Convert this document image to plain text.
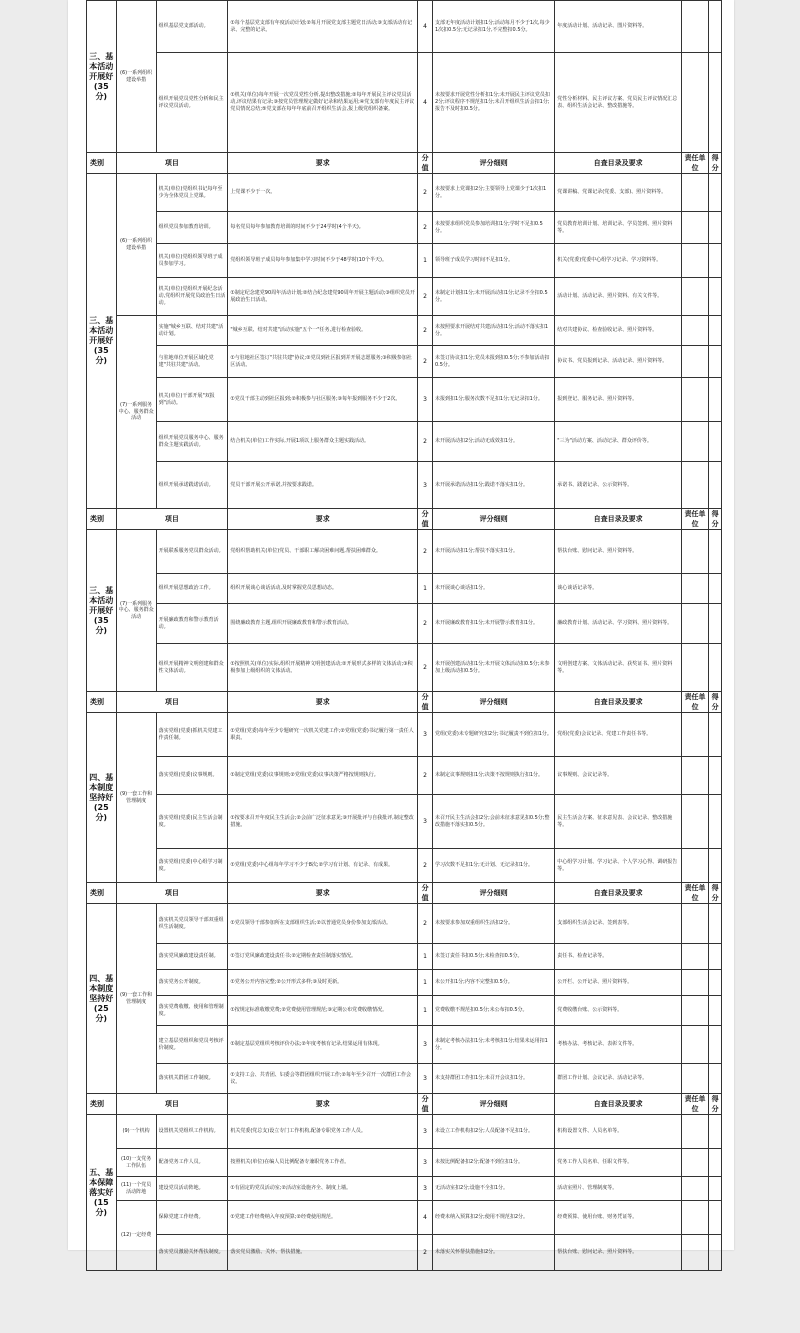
三、基本活动开展好(35分)	(6)一系列组织建设举措	组织基层党支部活动。	①每个基层党支部有年度活动计划;②每月开展党支部主题党日活动;③支部活动有记录、完整的记录。	4	支部无年度活动计划扣1分;活动每月不少于1次,每少1次扣0.5分;无记录扣1分,不完整扣0.5分。	年度活动计划、活动记录、图片资料等。		
		组织开展党员党性分析和民主评议党员活动。	①机关(单位)每年开展一次党员党性分析,提出整改措施;②每年开展民主评议党员活动,评议结果有记录;③按党员管理规定做好记录和结果运用;④党支部有年度民主评议党员情况总结;⑤党支部在每年年底前召开组织生活会,报上级党组织备案。	4	未按要求开展党性分析扣1分;未开展民主评议党员扣2分;评议程序不规范扣1分;未召开组织生活会扣1分;报告不及时扣0.5分。	党性分析材料、民主评议方案、党员民主评议情况汇总表、组织生活会记录、整改措施等。		
类别	项目		要求	分值	评分细则	自查目录及要求	责任单位	得分
三、基本活动开展好(35分)	(6)一系列组织建设举措	机关(单位)党组织书记每年至少为全体党员上党课。	上党课不少于一次。	2	未按要求上党课扣2分;主要领导上党课少于1次扣1分。	党课讲稿、党课记录(党委、支部)、照片资料等。		
		组织党员参加教育培训。	每名党员每年参加教育培训的时间不少于24学时(4个半天)。	2	未按要求组织党员参加培训扣1分;学时不足扣0.5分。	党员教育培训计划、培训记录、学员签到、照片资料等。		
		机关(单位)党组织领导班子成员参加学习。	党组织领导班子成员每年参加集中学习时间不少于48学时(10个半天)。	1	领导班子成员学习时间不足扣1分。	机关(党委)党委中心组学习记录、学习资料等。		
		机关(单位)党组织开展纪念活动,党组织开展党员政治生日活动。	①制定纪念建党90周年活动计划;②结合纪念建党90周年开展主题活动;③组织党员开展政治生日活动。	2	未制定计划扣1分;未开展活动扣1分;记录不全扣0.5分。	活动计划、活动记录、照片资料、有关文件等。		
	(7)一系列服务中心、服务群众活动	实施"城乡互联、结对共建"活动计划。	"城乡互联、结对共建"活动实施"五个一"任务,进行检查验收。	2	未按照要求开展结对共建活动扣1分;活动不落实扣1分。	结对共建协议、检查验收记录、照片资料等。		
		与驻地单位开展区域化党建"共驻共建"活动。	①与驻地社区签订"共驻共建"协议;②党员到社区报到并开展志愿服务;③积极参加社区活动。	2	未签订协议扣1分;党员未报到扣0.5分;不参加活动扣0.5分。	协议书、党员报到记录、活动记录、照片资料等。		
		机关(单位)干部开展"双报到"活动。	①党员干部主动到社区报到;②积极参与社区服务;③每年报到服务不少于2次。	3	未报到扣1分;服务次数不足扣1分;无记录扣1分。	报到登记、服务记录、照片资料等。		
		组织开展党员服务中心、服务群众主题实践活动。	结合机关(单位)工作实际,开展1项以上服务群众主题实践活动。	2	未开展活动扣2分;活动无成效扣1分。	"三为"活动方案、活动记录、群众评价等。		
		组织开展承诺践诺活动。	党员干部开展公开承诺,并按要求践诺。	3	未开展承诺活动扣1分;践诺不落实扣1分。	承诺书、践诺记录、公示资料等。		
类别	项目		要求	分值	评分细则	自查目录及要求	责任单位	得分
三、基本活动开展好(35分)	(7)一系列服务中心、服务群众活动	开展联系服务党员群众活动。	党组织帮助机关(单位)党员、干部职工解决困难问题,帮扶困难群众。	2	未开展活动扣1分;帮扶不落实扣1分。	帮扶台账、慰问记录、照片资料等。		
		组织开展思想政治工作。	组织开展谈心谈话活动,及时掌握党员思想动态。	1	未开展谈心谈话扣1分。	谈心谈话记录等。		
		开展廉政教育和警示教育活动。	围绕廉政教育主题,组织开展廉政教育和警示教育活动。	2	未开展廉政教育扣1分;未开展警示教育扣1分。	廉政教育计划、活动记录、学习资料、照片资料等。		
		组织开展精神文明创建和群众性文体活动。	①按照机关(单位)实际,组织开展精神文明创建活动;②开展形式多样的文体活动;③积极参加上级组织的文体活动。	2	未开展创建活动扣1分;未开展文体活动扣0.5分;未参加上级活动扣0.5分。	文明创建方案、文体活动记录、获奖证书、照片资料等。		
类别	项目		要求	分值	评分细则	自查目录及要求	责任单位	得分
四、基本制度坚持好(25分)	(9)一套工作和管理制度	落实党组(党委)抓机关党建工作责任制。	①党组(党委)每年至少专题研究一次机关党建工作;②党组(党委)书记履行第一责任人职责。	3	党组(党委)未专题研究扣2分;书记履责不到位扣1分。	党组(党委)会议记录、党建工作责任书等。		
		落实党组(党委)议事规则。	①制定党组(党委)议事规则;②党组(党委)议事决策严格按规则执行。	2	未制定议事规则扣1分;决策不按规则执行扣1分。	议事规则、会议记录等。		
		落实党组(党委)民主生活会制度。	①按要求召开年度民主生活会;②会前广泛征求意见;③开展批评与自我批评,制定整改措施。	3	未召开民主生活会扣2分;会前未征求意见扣0.5分;整改措施不落实扣0.5分。	民主生活会方案、征求意见表、会议记录、整改措施等。		
		落实党组(党委)中心组学习制度。	①党组(党委)中心组每年学习不少于8次;②学习有计划、有记录、有成果。	2	学习次数不足扣1分;无计划、无记录扣1分。	中心组学习计划、学习记录、个人学习心得、调研报告等。		
类别	项目		要求	分值	评分细则	自查目录及要求	责任单位	得分
四、基本制度坚持好(25分)	(9)一套工作和管理制度	落实机关党员领导干部双重组织生活制度。	①党员领导干部参加所在支部组织生活;②以普通党员身份参加支部活动。	2	未按要求参加双重组织生活扣2分。	支部组织生活会记录、签到表等。		
		落实党风廉政建设责任制。	①签订党风廉政建设责任书;②定期检查责任制落实情况。	1	未签订责任书扣0.5分;未检查扣0.5分。	责任书、检查记录等。		
		落实党务公开制度。	①党务公开内容完整;②公开形式多样;③及时更新。	1	未公开扣1分;内容不完整扣0.5分。	公开栏、公开记录、照片资料等。		
		落实党费收缴、使用和管理制度。	①按规定标准收缴党费;②党费使用管理规范;③定期公布党费收缴情况。	1	党费收缴不规范扣0.5分;未公布扣0.5分。	党费收缴台账、公示资料等。		
		建立基层党组织和党员考核评价制度。	①制定基层党组织考核评价办法;②年度考核有记录,结果运用有体现。	3	未制定考核办法扣1分;未考核扣1分;结果未运用扣1分。	考核办法、考核记录、表彰文件等。		
		落实机关群团工作制度。	①支持工会、共青团、妇委会等群团组织开展工作;②每年至少召开一次群团工作会议。	3	未支持群团工作扣1分;未召开会议扣1分。	群团工作计划、会议记录、活动记录等。		
类别	项目		要求	分值	评分细则	自查目录及要求	责任单位	得分
五、基本保障落实好(15分)	(9)一个机构	设置机关党组织工作机构。	机关党委(党总支)设立专门工作机构,配备专职党务工作人员。	3	未设立工作机构扣2分;人员配备不足扣1分。	机构设置文件、人员名单等。		
	(10)一支党务工作队伍	配备党务工作人员。	按照机关(单位)在编人员比例配备专兼职党务工作者。	3	未按比例配备扣2分;配备不到位扣1分。	党务工作人员名单、任职文件等。		
	(11)一个党员活动阵地	建设党员活动阵地。	①有固定的党员活动室;②活动室设施齐全、制度上墙。	3	无活动室扣2分;设施不全扣1分。	活动室照片、管理制度等。		
	(12)一定经费	保障党建工作经费。	①党建工作经费纳入年度预算;②经费使用规范。	4	经费未纳入预算扣2分;使用不规范扣2分。	经费预算、使用台账、财务凭证等。		
		落实党员激励关怀帮扶制度。	落实党员激励、关怀、帮扶措施。	2	未落实关怀帮扶措施扣2分。	帮扶台账、慰问记录、照片资料等。		
